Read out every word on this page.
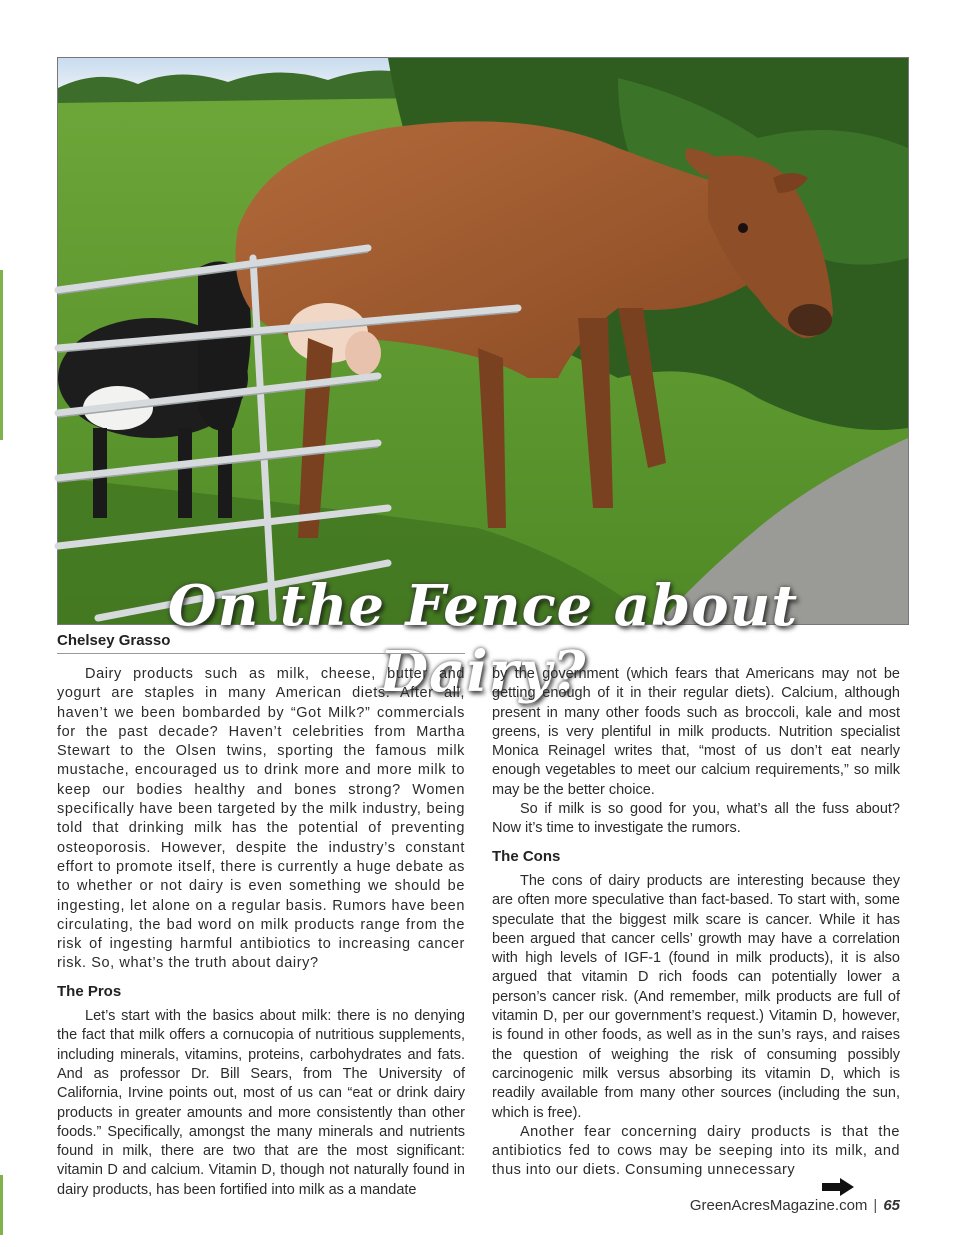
On the Fence about Dairy?
Chelsey Grasso

Dairy products such as milk, cheese, butter and yogurt are staples in many American diets. After all, haven’t we been bombarded by “Got Milk?” commercials for the past decade? Haven’t celebrities from Martha Stewart to the Olsen twins, sporting the famous milk mustache, encouraged us to drink more and more milk to keep our bodies healthy and bones strong? Women specifically have been targeted by the milk industry, being told that drinking milk has the potential of preventing osteoporosis. However, despite the industry’s constant effort to promote itself, there is currently a huge debate as to whether or not dairy is even something we should be ingesting, let alone on a regular basis. Rumors have been circulating, the bad word on milk products range from the risk of ingesting harmful antibiotics to increasing cancer risk. So, what’s the truth about dairy?

The Pros

Let’s start with the basics about milk: there is no denying the fact that milk offers a cornucopia of nutritious supplements, including minerals, vitamins, proteins, carbohydrates and fats. And as professor Dr. Bill Sears, from The University of California, Irvine points out, most of us can “eat or drink dairy products in greater amounts and more consistently than other foods.” Specifically, amongst the many minerals and nutrients found in milk, there are two that are the most significant: vitamin D and calcium. Vitamin D, though not naturally found in dairy products, has been fortified into milk as a mandate

by the government (which fears that Americans may not be getting enough of it in their regular diets). Calcium, although present in many other foods such as broccoli, kale and most greens, is very plentiful in milk products. Nutrition specialist Monica Reinagel writes that, “most of us don’t eat nearly enough vegetables to meet our calcium requirements,” so milk may be the better choice.

So if milk is so good for you, what’s all the fuss about? Now it’s time to investigate the rumors.

The Cons

The cons of dairy products are interesting because they are often more speculative than fact-based. To start with, some speculate that the biggest milk scare is cancer. While it has been argued that cancer cells’ growth may have a correlation with high levels of IGF-1 (found in milk products), it is also argued that vitamin D rich foods can potentially lower a person’s cancer risk. (And remember, milk products are full of vitamin D, per our government’s request.) Vitamin D, however, is found in other foods, as well as in the sun’s rays, and raises the question of weighing the risk of consuming possibly carcinogenic milk versus absorbing its vitamin D, which is readily available from many other sources (including the sun, which is free).

Another fear concerning dairy products is that the antibiotics fed to cows may be seeping into its milk, and thus into our diets. Consuming unnecessary

GreenAcresMagazine.com | 65
